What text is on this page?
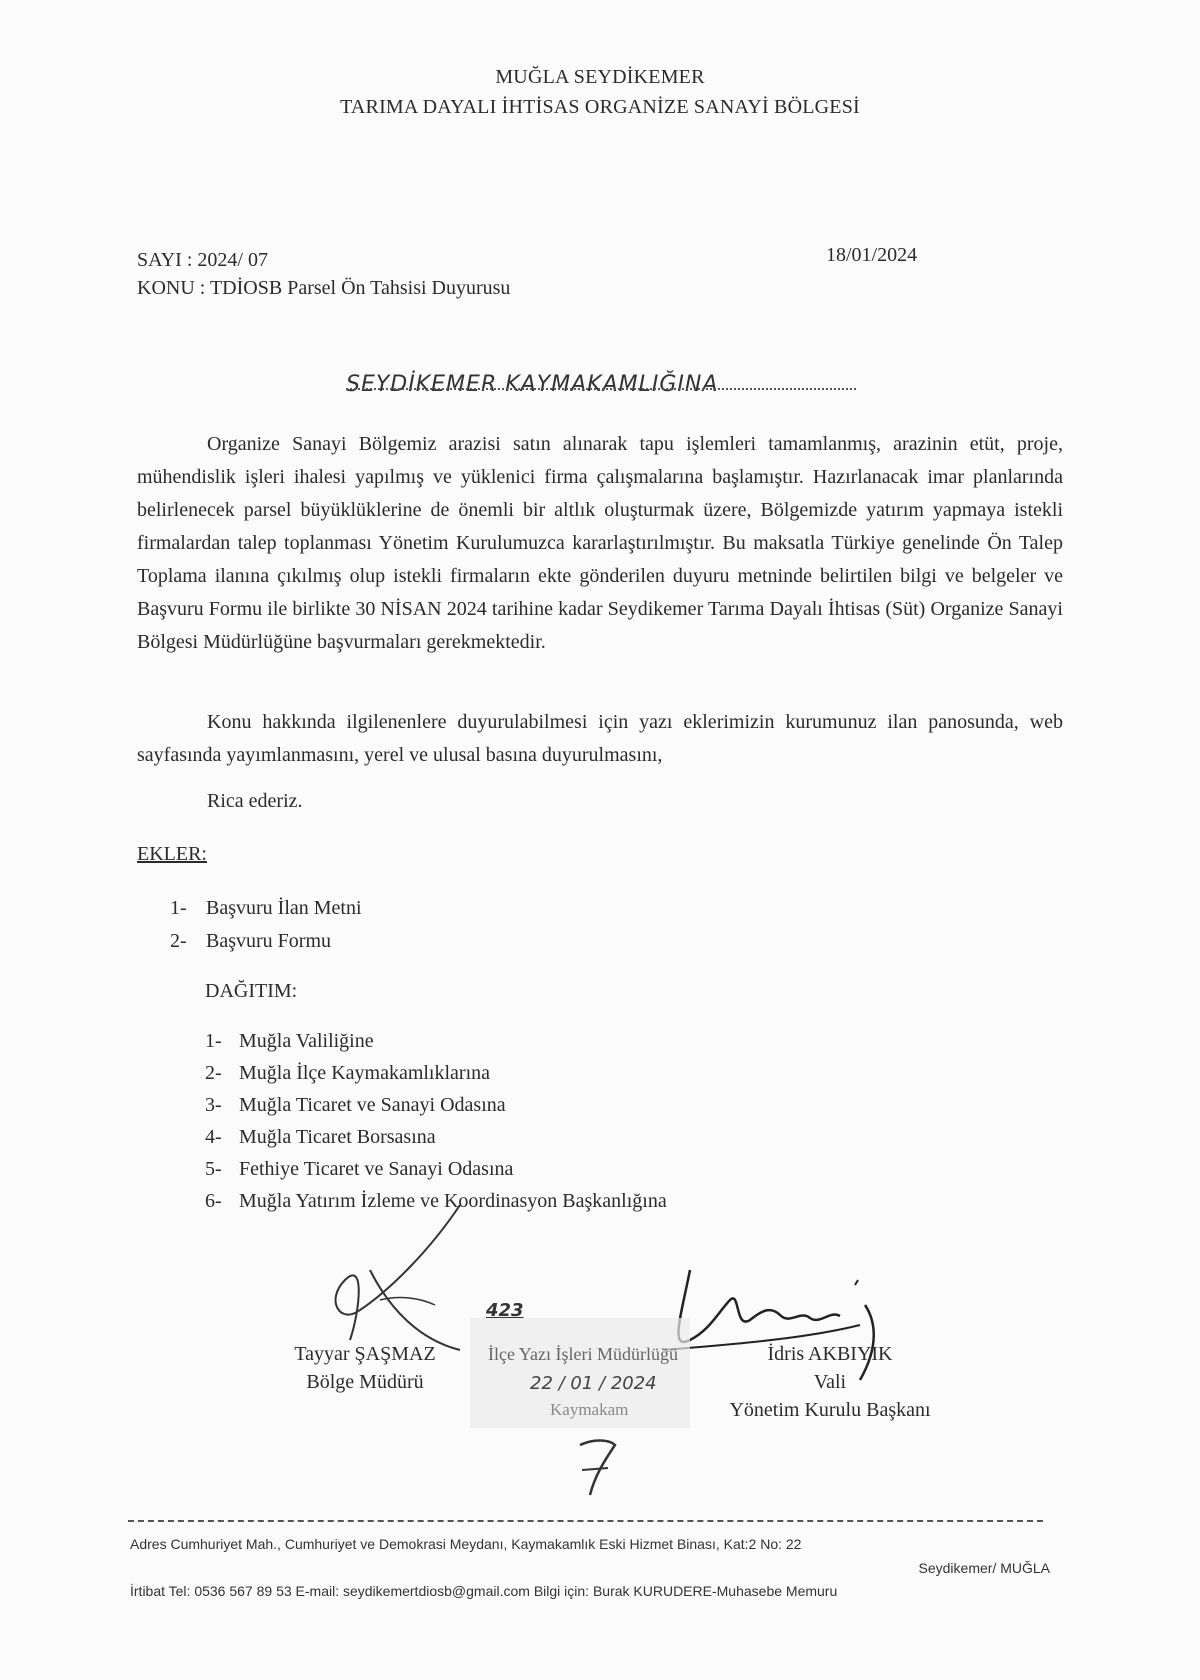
MUĞLA SEYDİKEMER
TARIMA DAYALI İHTİSAS ORGANİZE SANAYİ BÖLGESİ
SAYI : 2024/ 07
KONU : TDİOSB Parsel Ön Tahsisi Duyurusu
18/01/2024
SEYDİKEMER KAYMAKAMLIĞINA
Organize Sanayi Bölgemiz arazisi satın alınarak tapu işlemleri tamamlanmış, arazinin etüt, proje, mühendislik işleri ihalesi yapılmış ve yüklenici firma çalışmalarına başlamıştır. Hazırlanacak imar planlarında belirlenecek parsel büyüklüklerine de önemli bir altlık oluşturmak üzere, Bölgemizde yatırım yapmaya istekli firmalardan talep toplanması Yönetim Kurulumuzca kararlaştırılmıştır. Bu maksatla Türkiye genelinde Ön Talep Toplama ilanına çıkılmış olup istekli firmaların ekte gönderilen duyuru metninde belirtilen bilgi ve belgeler ve Başvuru Formu ile birlikte 30 NİSAN 2024 tarihine kadar Seydikemer Tarıma Dayalı İhtisas (Süt) Organize Sanayi Bölgesi Müdürlüğüne başvurmaları gerekmektedir.
Konu hakkında ilgilenenlere duyurulabilmesi için yazı eklerimizin kurumunuz ilan panosunda, web sayfasında yayımlanmasını, yerel ve ulusal basına duyurulmasını,
Rica ederiz.
EKLER:
1- Başvuru İlan Metni
2- Başvuru Formu
DAĞITIM:
1- Muğla Valiliğine
2- Muğla İlçe Kaymakamlıklarına
3- Muğla Ticaret ve Sanayi Odasına
4- Muğla Ticaret Borsasına
5- Fethiye Ticaret ve Sanayi Odasına
6- Muğla Yatırım İzleme ve Koordinasyon Başkanlığına
İlçe Yazı İşleri Müdürlüğü
22 / 01 / 2024
Kaymakam
423
Tayyar ŞAŞMAZ
Bölge Müdürü
İdris AKBIYIK
Vali
Yönetim Kurulu Başkanı
Adres Cumhuriyet Mah., Cumhuriyet ve Demokrasi Meydanı, Kaymakamlık Eski Hizmet Binası, Kat:2 No: 22
Seydikemer/ MUĞLA
İrtibat Tel: 0536 567 89 53 E-mail: seydikemertdiosb@gmail.com Bilgi için: Burak KURUDERE-Muhasebe Memuru
